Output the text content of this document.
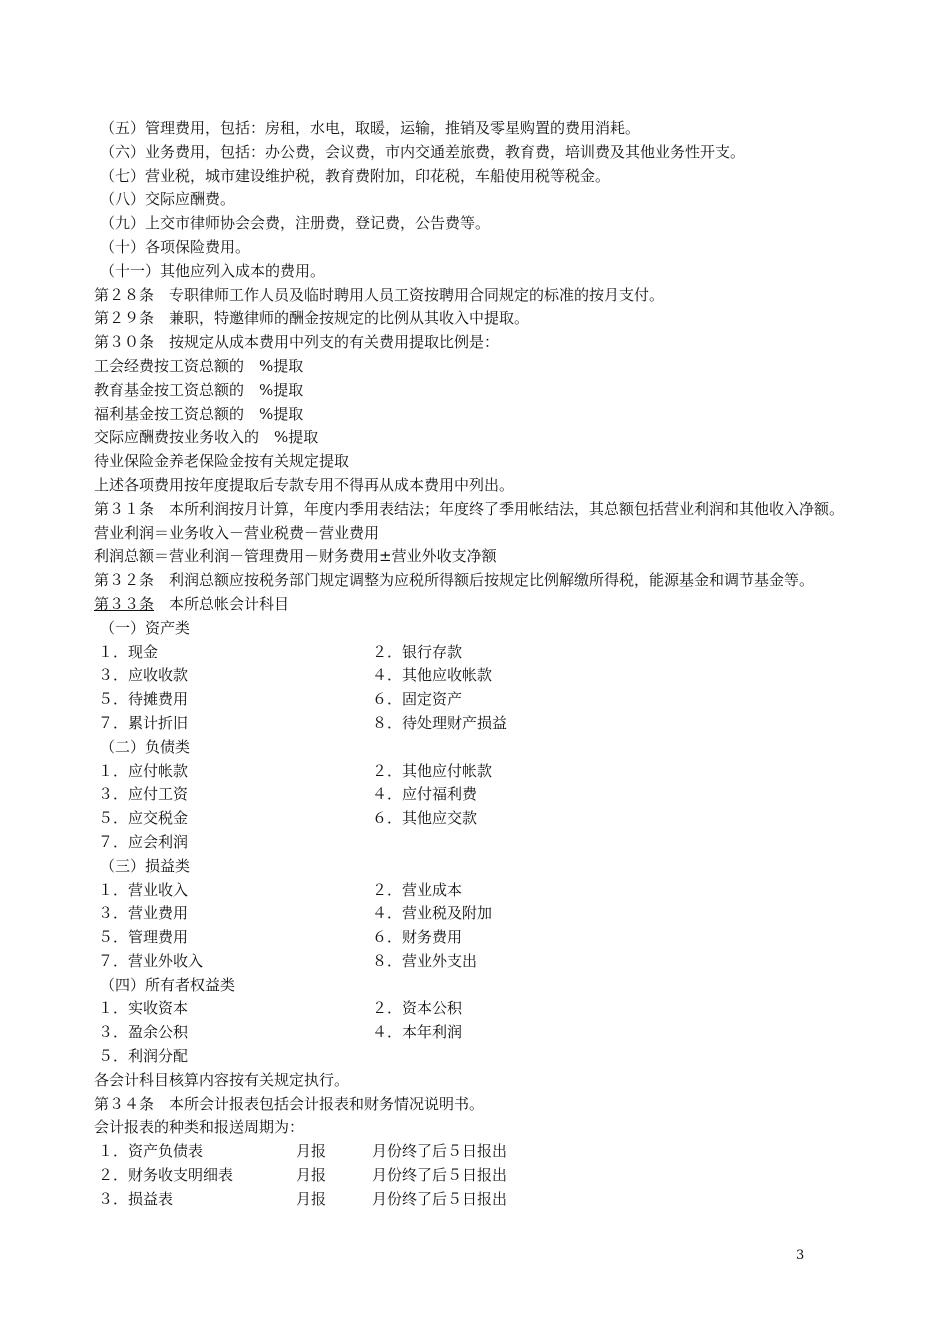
（五）管理费用，包括：房租，水电，取暖，运输，推销及零星购置的费用消耗。
（六）业务费用，包括：办公费，会议费，市内交通差旅费，教育费，培训费及其他业务性开支。
（七）营业税，城市建设维护税，教育费附加，印花税，车船使用税等税金。
（八）交际应酬费。
（九）上交市律师协会会费，注册费，登记费，公告费等。
（十）各项保险费用。
（十一）其他应列入成本的费用。
第２８条　专职律师工作人员及临时聘用人员工资按聘用合同规定的标准的按月支付。
第２９条　兼职，特邀律师的酬金按规定的比例从其收入中提取。
第３０条　按规定从成本费用中列支的有关费用提取比例是：
工会经费按工资总额的　%提取
教育基金按工资总额的　%提取
福利基金按工资总额的　%提取
交际应酬费按业务收入的　%提取
待业保险金养老保险金按有关规定提取
上述各项费用按年度提取后专款专用不得再从成本费用中列出。
第３１条　本所利润按月计算，年度内季用表结法；年度终了季用帐结法，其总额包括营业利润和其他收入净额。
营业利润＝业务收入－营业税费－营业费用
利润总额＝营业利润－管理费用－财务费用±营业外收支净额
第３２条　利润总额应按税务部门规定调整为应税所得额后按规定比例解缴所得税，能源基金和调节基金等。
第３３条　本所总帐会计科目
（一）资产类
１．现金	２．银行存款
３．应收收款	４．其他应收帐款
５．待摊费用	６．固定资产
７．累计折旧	８．待处理财产损益
（二）负债类
１．应付帐款	２．其他应付帐款
３．应付工资	４．应付福利费
５．应交税金	６．其他应交款
７．应会利润
（三）损益类
１．营业收入	２．营业成本
３．营业费用	４．营业税及附加
５．管理费用	６．财务费用
７．营业外收入	８．营业外支出
（四）所有者权益类
１．实收资本	２．资本公积
３．盈余公积	４．本年利润
５．利润分配
各会计科目核算内容按有关规定执行。
第３４条　本所会计报表包括会计报表和财务情况说明书。
会计报表的种类和报送周期为：
１．资产负债表	月报	月份终了后５日报出
２．财务收支明细表	月报	月份终了后５日报出
３．损益表	月报	月份终了后５日报出
3
